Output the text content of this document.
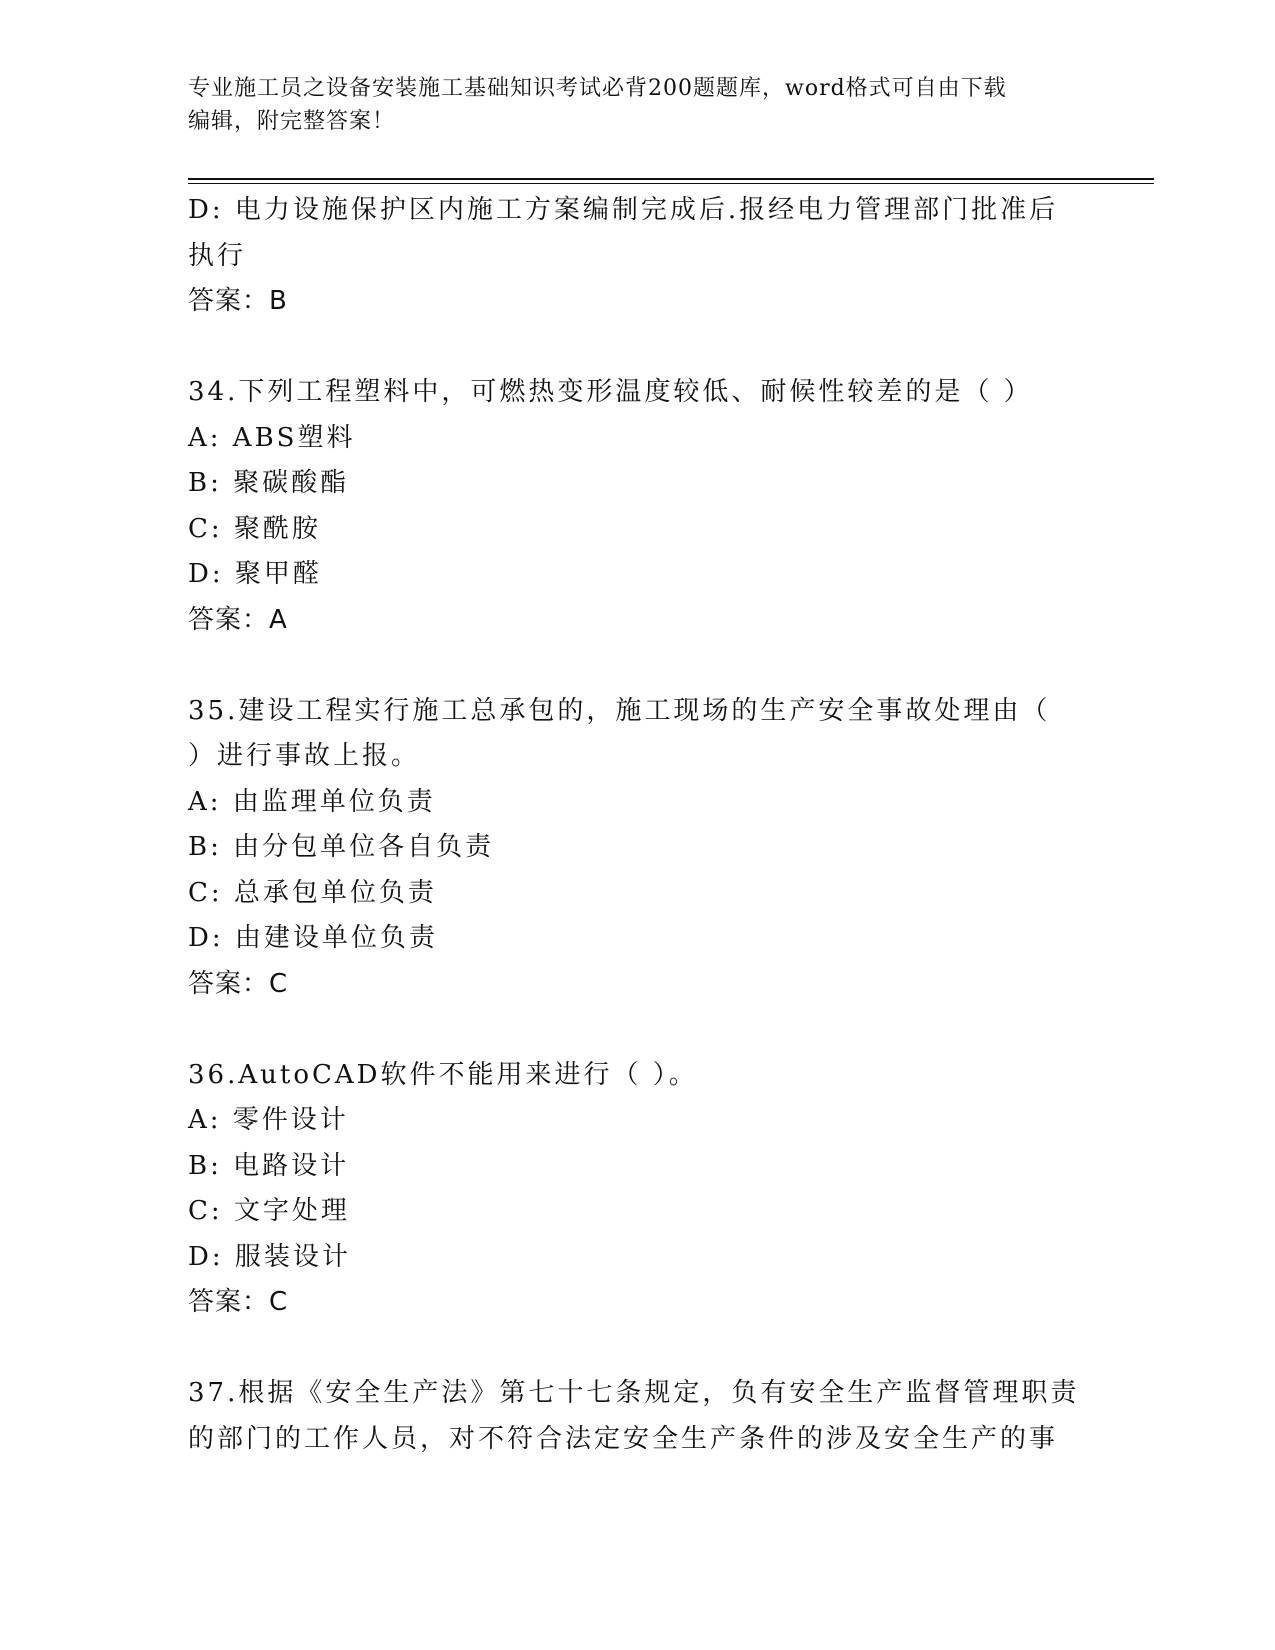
专业施工员之设备安装施工基础知识考试必背200题题库，word格式可自由下载
编辑，附完整答案！
D: 电力设施保护区内施工方案编制完成后.报经电力管理部门批准后
执行
答案：B
34.下列工程塑料中，可燃热变形温度较低、耐候性较差的是（ ）
A: ABS塑料
B: 聚碳酸酯
C: 聚酰胺
D: 聚甲醛
答案：A
35.建设工程实行施工总承包的，施工现场的生产安全事故处理由（
）进行事故上报。
A: 由监理单位负责
B: 由分包单位各自负责
C: 总承包单位负责
D: 由建设单位负责
答案：C
36.AutoCAD软件不能用来进行（ ）。
A: 零件设计
B: 电路设计
C: 文字处理
D: 服装设计
答案：C
37.根据《安全生产法》第七十七条规定，负有安全生产监督管理职责
的部门的工作人员，对不符合法定安全生产条件的涉及安全生产的事
